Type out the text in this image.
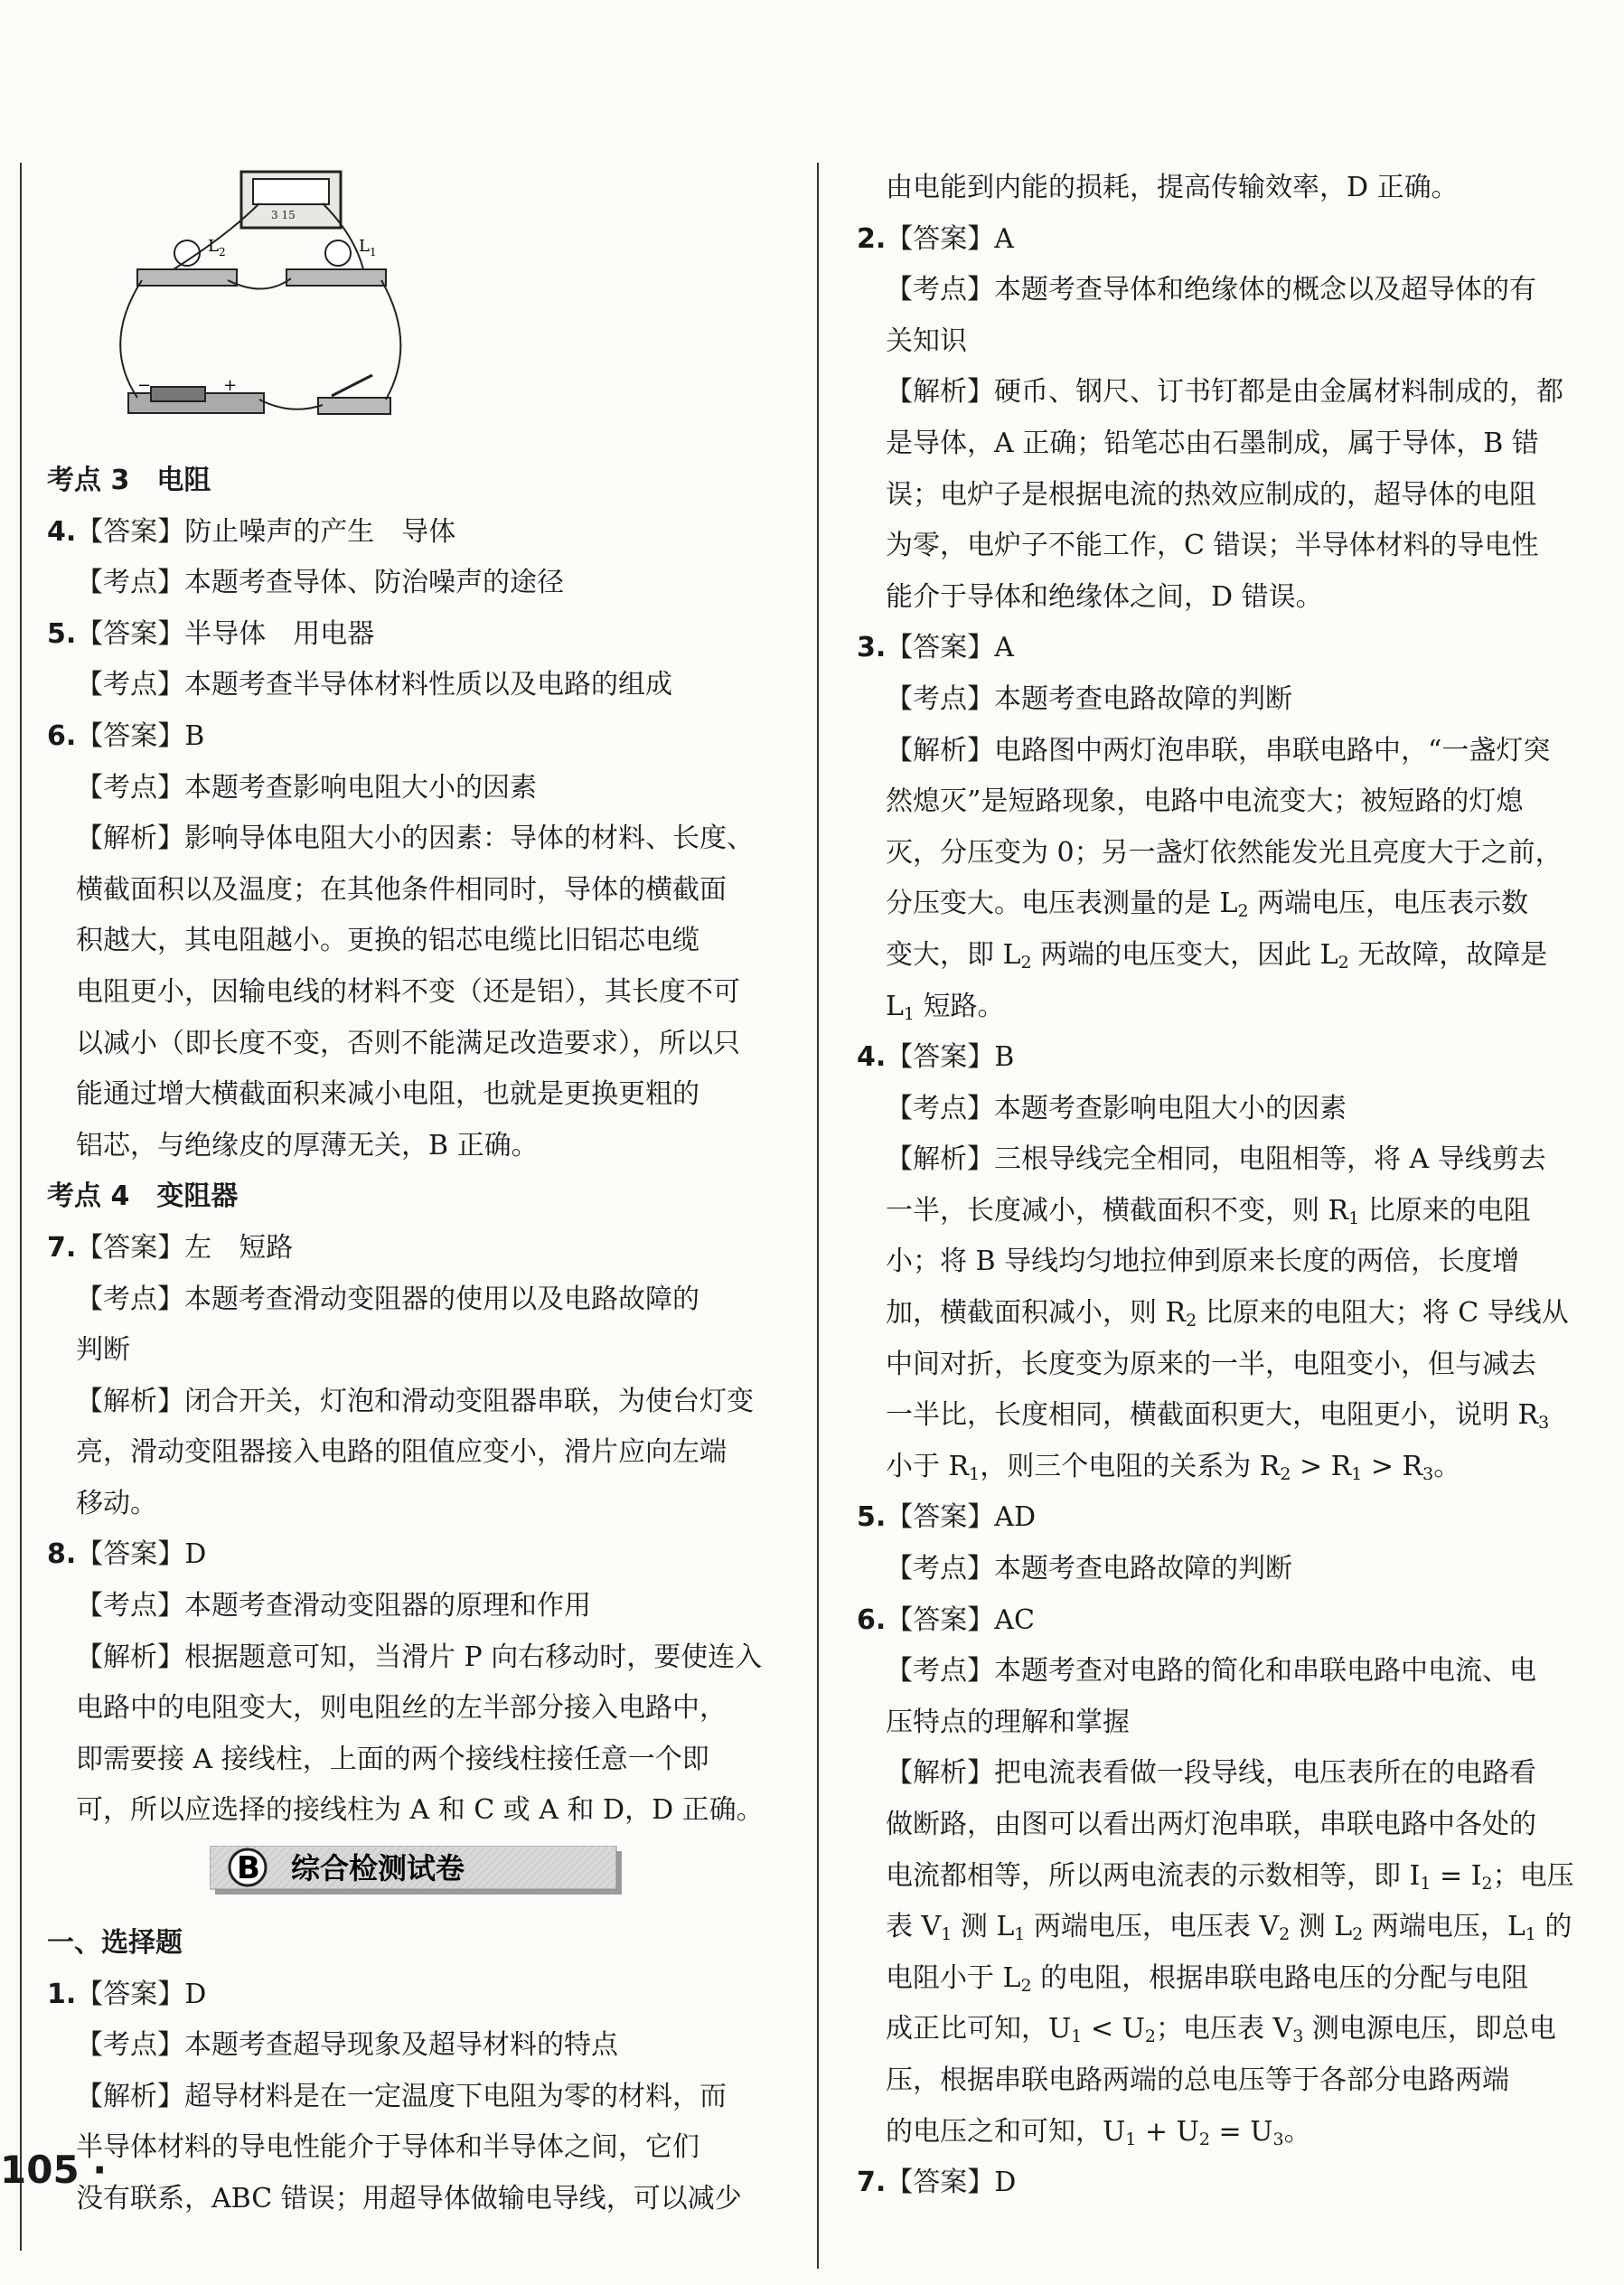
3 15
$L_2$	$L_1$
−	+
考点 3　电阻
4.【答案】防止噪声的产生　导体
【考点】本题考查导体、防治噪声的途径
5.【答案】半导体　用电器
【考点】本题考查半导体材料性质以及电路的组成
6.【答案】B
【考点】本题考查影响电阻大小的因素
【解析】影响导体电阻大小的因素：导体的材料、长度、
横截面积以及温度；在其他条件相同时，导体的横截面
积越大，其电阻越小。更换的铝芯电缆比旧铝芯电缆
电阻更小，因输电线的材料不变（还是铝），其长度不可
以减小（即长度不变，否则不能满足改造要求），所以只
能通过增大横截面积来减小电阻，也就是更换更粗的
铝芯，与绝缘皮的厚薄无关，B 正确。
考点 4　变阻器
7.【答案】左　短路
【考点】本题考查滑动变阻器的使用以及电路故障的
判断
【解析】闭合开关，灯泡和滑动变阻器串联，为使台灯变
亮，滑动变阻器接入电路的阻值应变小，滑片应向左端
移动。
8.【答案】D
【考点】本题考查滑动变阻器的原理和作用
【解析】根据题意可知，当滑片 P 向右移动时，要使连入
电路中的电阻变大，则电阻丝的左半部分接入电路中，
即需要接 A 接线柱，上面的两个接线柱接任意一个即
可，所以应选择的接线柱为 A 和 C 或 A 和 D，D 正确。
B 综合检测试卷
一、选择题
1.【答案】D
【考点】本题考查超导现象及超导材料的特点
【解析】超导材料是在一定温度下电阻为零的材料，而
半导体材料的导电性能介于导体和半导体之间，它们
没有联系，ABC 错误；用超导体做输电导线，可以减少
由电能到内能的损耗，提高传输效率，D 正确。
2.【答案】A
【考点】本题考查导体和绝缘体的概念以及超导体的有
关知识
【解析】硬币、钢尺、订书钉都是由金属材料制成的，都
是导体，A 正确；铅笔芯由石墨制成，属于导体，B 错
误；电炉子是根据电流的热效应制成的，超导体的电阻
为零，电炉子不能工作，C 错误；半导体材料的导电性
能介于导体和绝缘体之间，D 错误。
3.【答案】A
【考点】本题考查电路故障的判断
【解析】电路图中两灯泡串联，串联电路中，“一盏灯突
然熄灭”是短路现象，电路中电流变大；被短路的灯熄
灭，分压变为 0；另一盏灯依然能发光且亮度大于之前，
分压变大。电压表测量的是 $L_2$ 两端电压，电压表示数
变大，即 $L_2$ 两端的电压变大，因此 $L_2$ 无故障，故障是
$L_1$ 短路。
4.【答案】B
【考点】本题考查影响电阻大小的因素
【解析】三根导线完全相同，电阻相等，将 A 导线剪去
一半，长度减小，横截面积不变，则 $R_1$ 比原来的电阻
小；将 B 导线均匀地拉伸到原来长度的两倍，长度增
加，横截面积减小，则 $R_2$ 比原来的电阻大；将 C 导线从
中间对折，长度变为原来的一半，电阻变小，但与减去
一半比，长度相同，横截面积更大，电阻更小，说明 $R_3$
小于 $R_1$，则三个电阻的关系为 $R_2 > R_1 > R_3$。
5.【答案】AD
【考点】本题考查电路故障的判断
6.【答案】AC
【考点】本题考查对电路的简化和串联电路中电流、电
压特点的理解和掌握
【解析】把电流表看做一段导线，电压表所在的电路看
做断路，由图可以看出两灯泡串联，串联电路中各处的
电流都相等，所以两电流表的示数相等，即 $I_1 = I_2$；电压
表 $V_1$ 测 $L_1$ 两端电压，电压表 $V_2$ 测 $L_2$ 两端电压，$L_1$ 的
电阻小于 $L_2$ 的电阻，根据串联电路电压的分配与电阻
成正比可知，$U_1 < U_2$；电压表 $V_3$ 测电源电压，即总电
压，根据串联电路两端的总电压等于各部分电路两端
的电压之和可知，$U_1 + U_2 = U_3$。
7.【答案】D
105 ·
